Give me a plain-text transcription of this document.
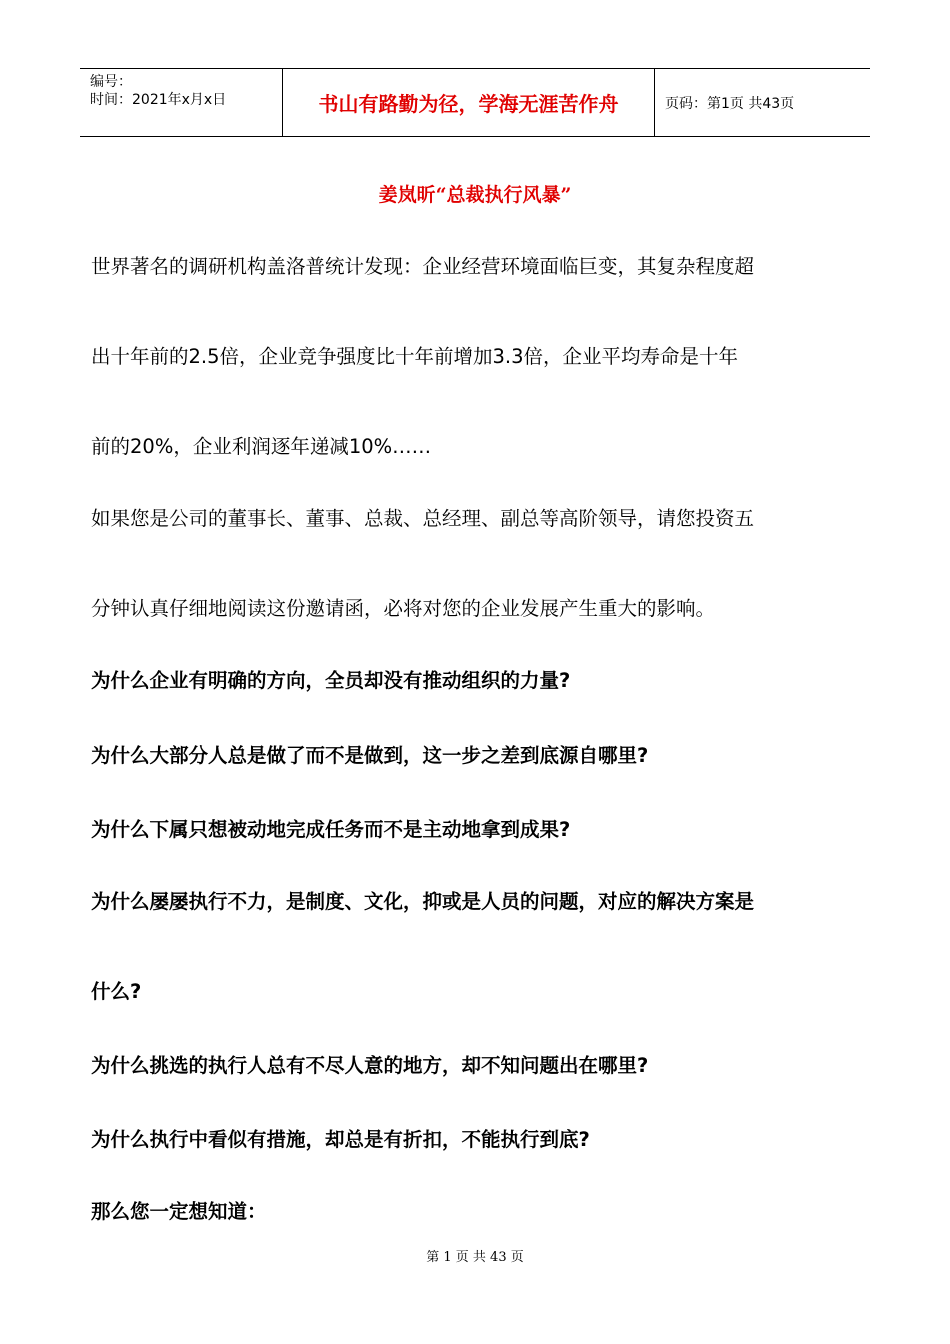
编号：
时间：2021年x月x日	书山有路勤为径，学海无涯苦作舟	页码：第1页 共43页
姜岚昕“总裁执行风暴”
世界著名的调研机构盖洛普统计发现：企业经营环境面临巨变，其复杂程度超
出十年前的2.5倍，企业竞争强度比十年前增加3.3倍，企业平均寿命是十年
前的20%，企业利润逐年递减10%……
如果您是公司的董事长、董事、总裁、总经理、副总等高阶领导，请您投资五
分钟认真仔细地阅读这份邀请函，必将对您的企业发展产生重大的影响。
为什么企业有明确的方向，全员却没有推动组织的力量?
为什么大部分人总是做了而不是做到，这一步之差到底源自哪里?
为什么下属只想被动地完成任务而不是主动地拿到成果?
为什么屡屡执行不力，是制度、文化，抑或是人员的问题，对应的解决方案是
什么?
为什么挑选的执行人总有不尽人意的地方，却不知问题出在哪里?
为什么执行中看似有措施，却总是有折扣，不能执行到底?
那么您一定想知道：
第 1 页 共 43 页
